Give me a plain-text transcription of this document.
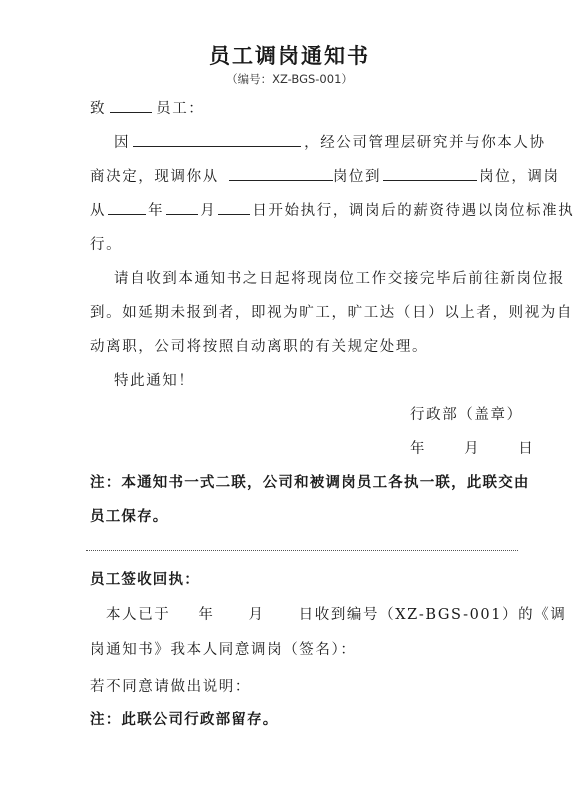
员工调岗通知书
（编号：XZ-BGS-001）
致	员工：
因	，经公司管理层研究并与你本人协
商决定，现调你从	岗位到	岗位，调岗
从	年 月 日开始执行，调岗后的薪资待遇以岗位标准执
行。
请自收到本通知书之日起将现岗位工作交接完毕后前往新岗位报
到。如延期未报到者，即视为旷工，旷工达（日）以上者，则视为自
动离职，公司将按照自动离职的有关规定处理。
特此通知！
行政部（盖章）
年	月	日
注：本通知书一式二联，公司和被调岗员工各执一联，此联交由
员工保存。
员工签收回执：
本人已于 年 月 日收到编号（XZ-BGS-001）的《调
岗通知书》我本人同意调岗（签名）：
若不同意请做出说明：
注：此联公司行政部留存。
